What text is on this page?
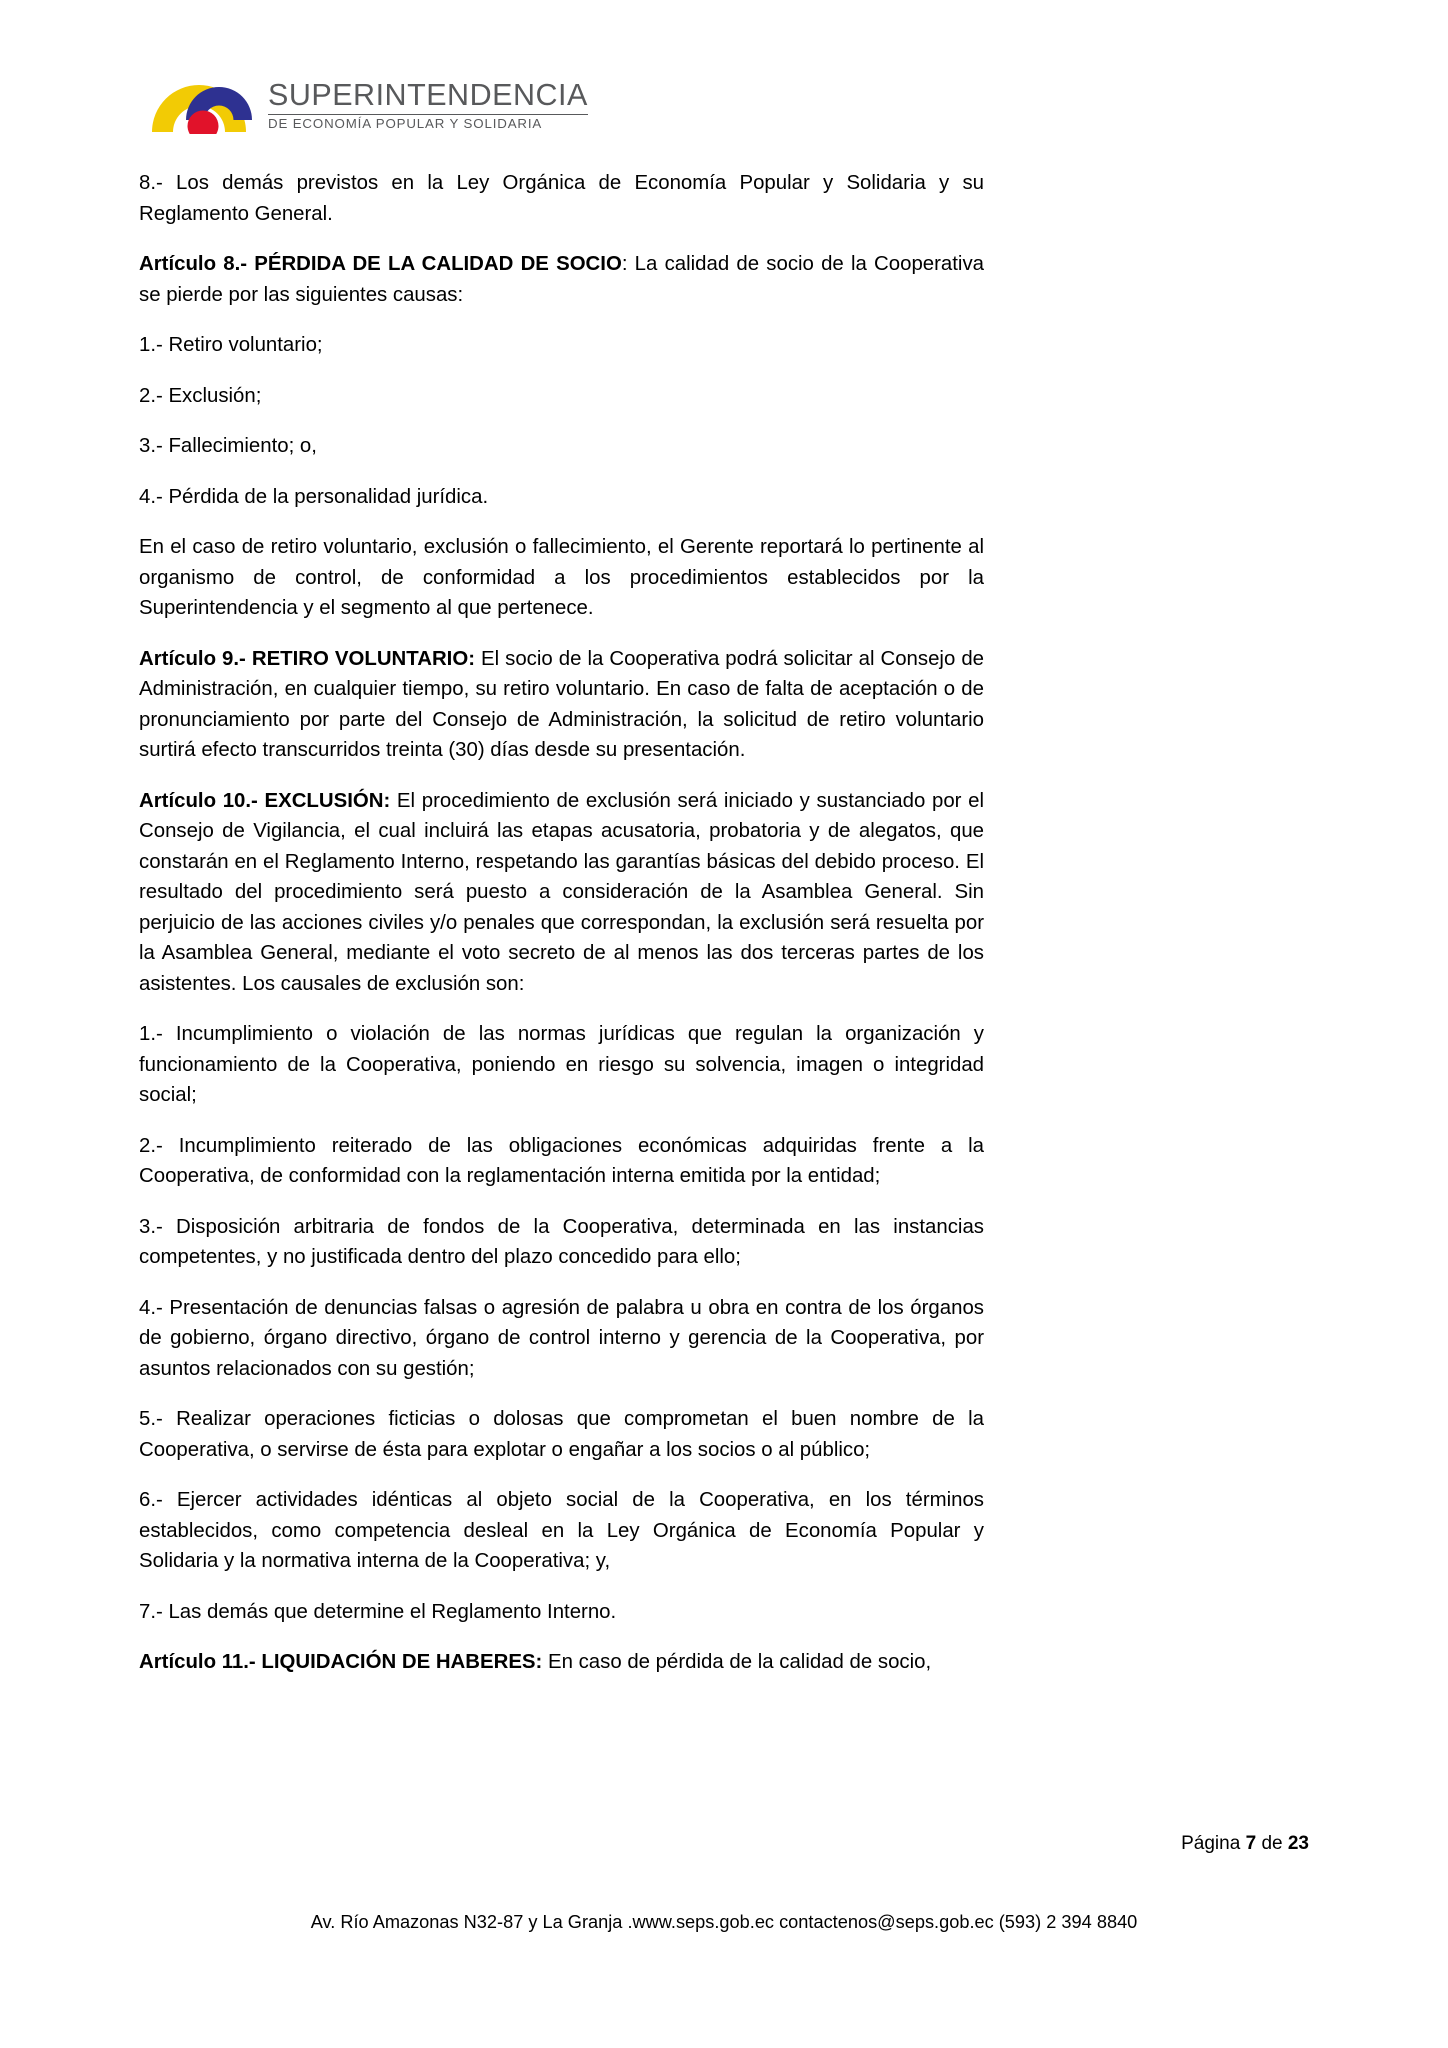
SUPERINTENDENCIA
DE ECONOMÍA POPULAR Y SOLIDARIA

8.- Los demás previstos en la Ley Orgánica de Economía Popular y Solidaria y su Reglamento General.

Artículo 8.- PÉRDIDA DE LA CALIDAD DE SOCIO: La calidad de socio de la Cooperativa se pierde por las siguientes causas:

1.- Retiro voluntario;

2.- Exclusión;

3.- Fallecimiento; o,

4.- Pérdida de la personalidad jurídica.

En el caso de retiro voluntario, exclusión o fallecimiento, el Gerente reportará lo pertinente al organismo de control, de conformidad a los procedimientos establecidos por la Superintendencia y el segmento al que pertenece.

Artículo 9.- RETIRO VOLUNTARIO: El socio de la Cooperativa podrá solicitar al Consejo de Administración, en cualquier tiempo, su retiro voluntario. En caso de falta de aceptación o de pronunciamiento por parte del Consejo de Administración, la solicitud de retiro voluntario surtirá efecto transcurridos treinta (30) días desde su presentación.

Artículo 10.- EXCLUSIÓN: El procedimiento de exclusión será iniciado y sustanciado por el Consejo de Vigilancia, el cual incluirá las etapas acusatoria, probatoria y de alegatos, que constarán en el Reglamento Interno, respetando las garantías básicas del debido proceso. El resultado del procedimiento será puesto a consideración de la Asamblea General. Sin perjuicio de las acciones civiles y/o penales que correspondan, la exclusión será resuelta por la Asamblea General, mediante el voto secreto de al menos las dos terceras partes de los asistentes. Los causales de exclusión son:

1.- Incumplimiento o violación de las normas jurídicas que regulan la organización y funcionamiento de la Cooperativa, poniendo en riesgo su solvencia, imagen o integridad social;

2.- Incumplimiento reiterado de las obligaciones económicas adquiridas frente a la Cooperativa, de conformidad con la reglamentación interna emitida por la entidad;

3.- Disposición arbitraria de fondos de la Cooperativa, determinada en las instancias competentes, y no justificada dentro del plazo concedido para ello;

4.- Presentación de denuncias falsas o agresión de palabra u obra en contra de los órganos de gobierno, órgano directivo, órgano de control interno y gerencia de la Cooperativa, por asuntos relacionados con su gestión;

5.- Realizar operaciones ficticias o dolosas que comprometan el buen nombre de la Cooperativa, o servirse de ésta para explotar o engañar a los socios o al público;

6.- Ejercer actividades idénticas al objeto social de la Cooperativa, en los términos establecidos, como competencia desleal en la Ley Orgánica de Economía Popular y Solidaria y la normativa interna de la Cooperativa; y,

7.- Las demás que determine el Reglamento Interno.

Artículo 11.- LIQUIDACIÓN DE HABERES: En caso de pérdida de la calidad de socio,

Página 7 de 23
Av. Río Amazonas N32-87 y La Granja .www.seps.gob.ec contactenos@seps.gob.ec (593) 2 394 8840
